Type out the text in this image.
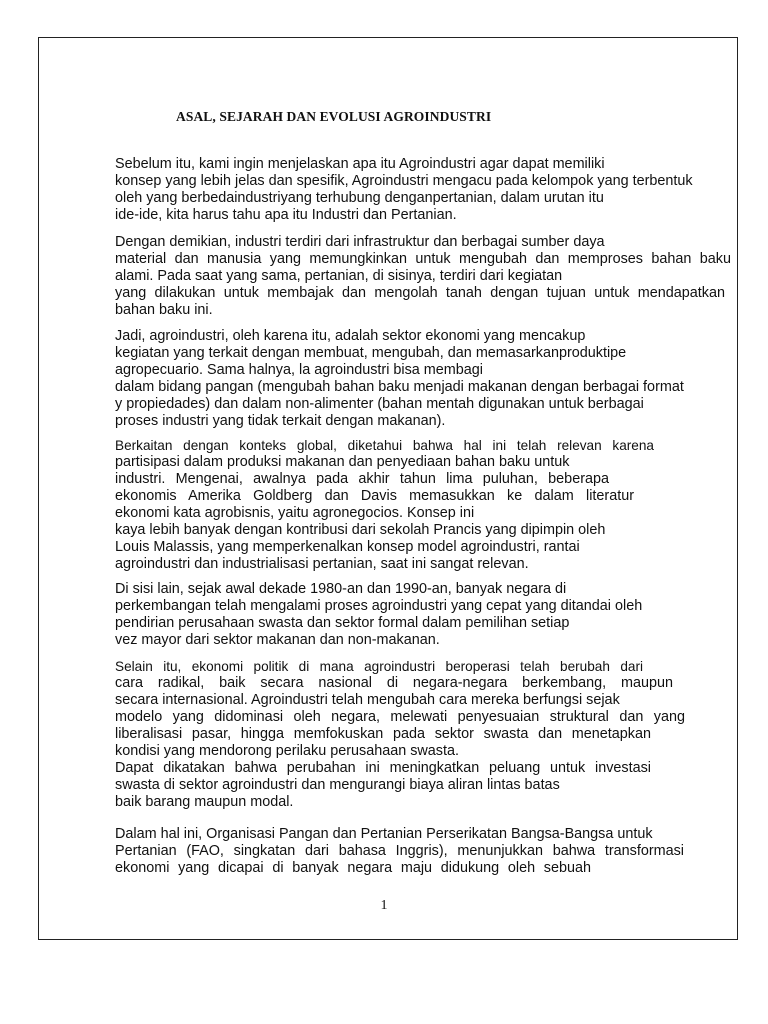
ASAL, SEJARAH DAN EVOLUSI AGROINDUSTRI
Sebelum itu, kami ingin menjelaskan apa itu Agroindustri agar dapat memiliki
konsep yang lebih jelas dan spesifik, Agroindustri mengacu pada kelompok yang terbentuk
oleh yang berbedaindustriyang terhubung denganpertanian, dalam urutan itu
ide-ide, kita harus tahu apa itu Industri dan Pertanian.
Dengan demikian, industri terdiri dari infrastruktur dan berbagai sumber daya
material dan manusia yang memungkinkan untuk mengubah dan memproses bahan baku
alami. Pada saat yang sama, pertanian, di sisinya, terdiri dari kegiatan
yang dilakukan untuk membajak dan mengolah tanah dengan tujuan untuk mendapatkan
bahan baku ini.
Jadi, agroindustri, oleh karena itu, adalah sektor ekonomi yang mencakup
kegiatan yang terkait dengan membuat, mengubah, dan memasarkanproduktipe
agropecuario. Sama halnya, la agroindustri bisa membagi
dalam bidang pangan (mengubah bahan baku menjadi makanan dengan berbagai format
y propiedades) dan dalam non-alimenter (bahan mentah digunakan untuk berbagai
proses industri yang tidak terkait dengan makanan).
Berkaitan dengan konteks global, diketahui bahwa hal ini telah relevan karena
partisipasi dalam produksi makanan dan penyediaan bahan baku untuk
industri. Mengenai, awalnya pada akhir tahun lima puluhan, beberapa
ekonomis Amerika Goldberg dan Davis memasukkan ke dalam literatur
ekonomi kata agrobisnis, yaitu agronegocios. Konsep ini
kaya lebih banyak dengan kontribusi dari sekolah Prancis yang dipimpin oleh
Louis Malassis, yang memperkenalkan konsep model agroindustri, rantai
agroindustri dan industrialisasi pertanian, saat ini sangat relevan.
Di sisi lain, sejak awal dekade 1980-an dan 1990-an, banyak negara di
perkembangan telah mengalami proses agroindustri yang cepat yang ditandai oleh
pendirian perusahaan swasta dan sektor formal dalam pemilihan setiap
vez mayor dari sektor makanan dan non-makanan.
Selain itu, ekonomi politik di mana agroindustri beroperasi telah berubah dari
cara radikal, baik secara nasional di negara-negara berkembang, maupun
secara internasional. Agroindustri telah mengubah cara mereka berfungsi sejak
modelo yang didominasi oleh negara, melewati penyesuaian struktural dan yang
liberalisasi pasar, hingga memfokuskan pada sektor swasta dan menetapkan
kondisi yang mendorong perilaku perusahaan swasta.
Dapat dikatakan bahwa perubahan ini meningkatkan peluang untuk investasi
swasta di sektor agroindustri dan mengurangi biaya aliran lintas batas
baik barang maupun modal.
Dalam hal ini, Organisasi Pangan dan Pertanian Perserikatan Bangsa-Bangsa untuk
Pertanian (FAO, singkatan dari bahasa Inggris), menunjukkan bahwa transformasi
ekonomi yang dicapai di banyak negara maju didukung oleh sebuah
1
